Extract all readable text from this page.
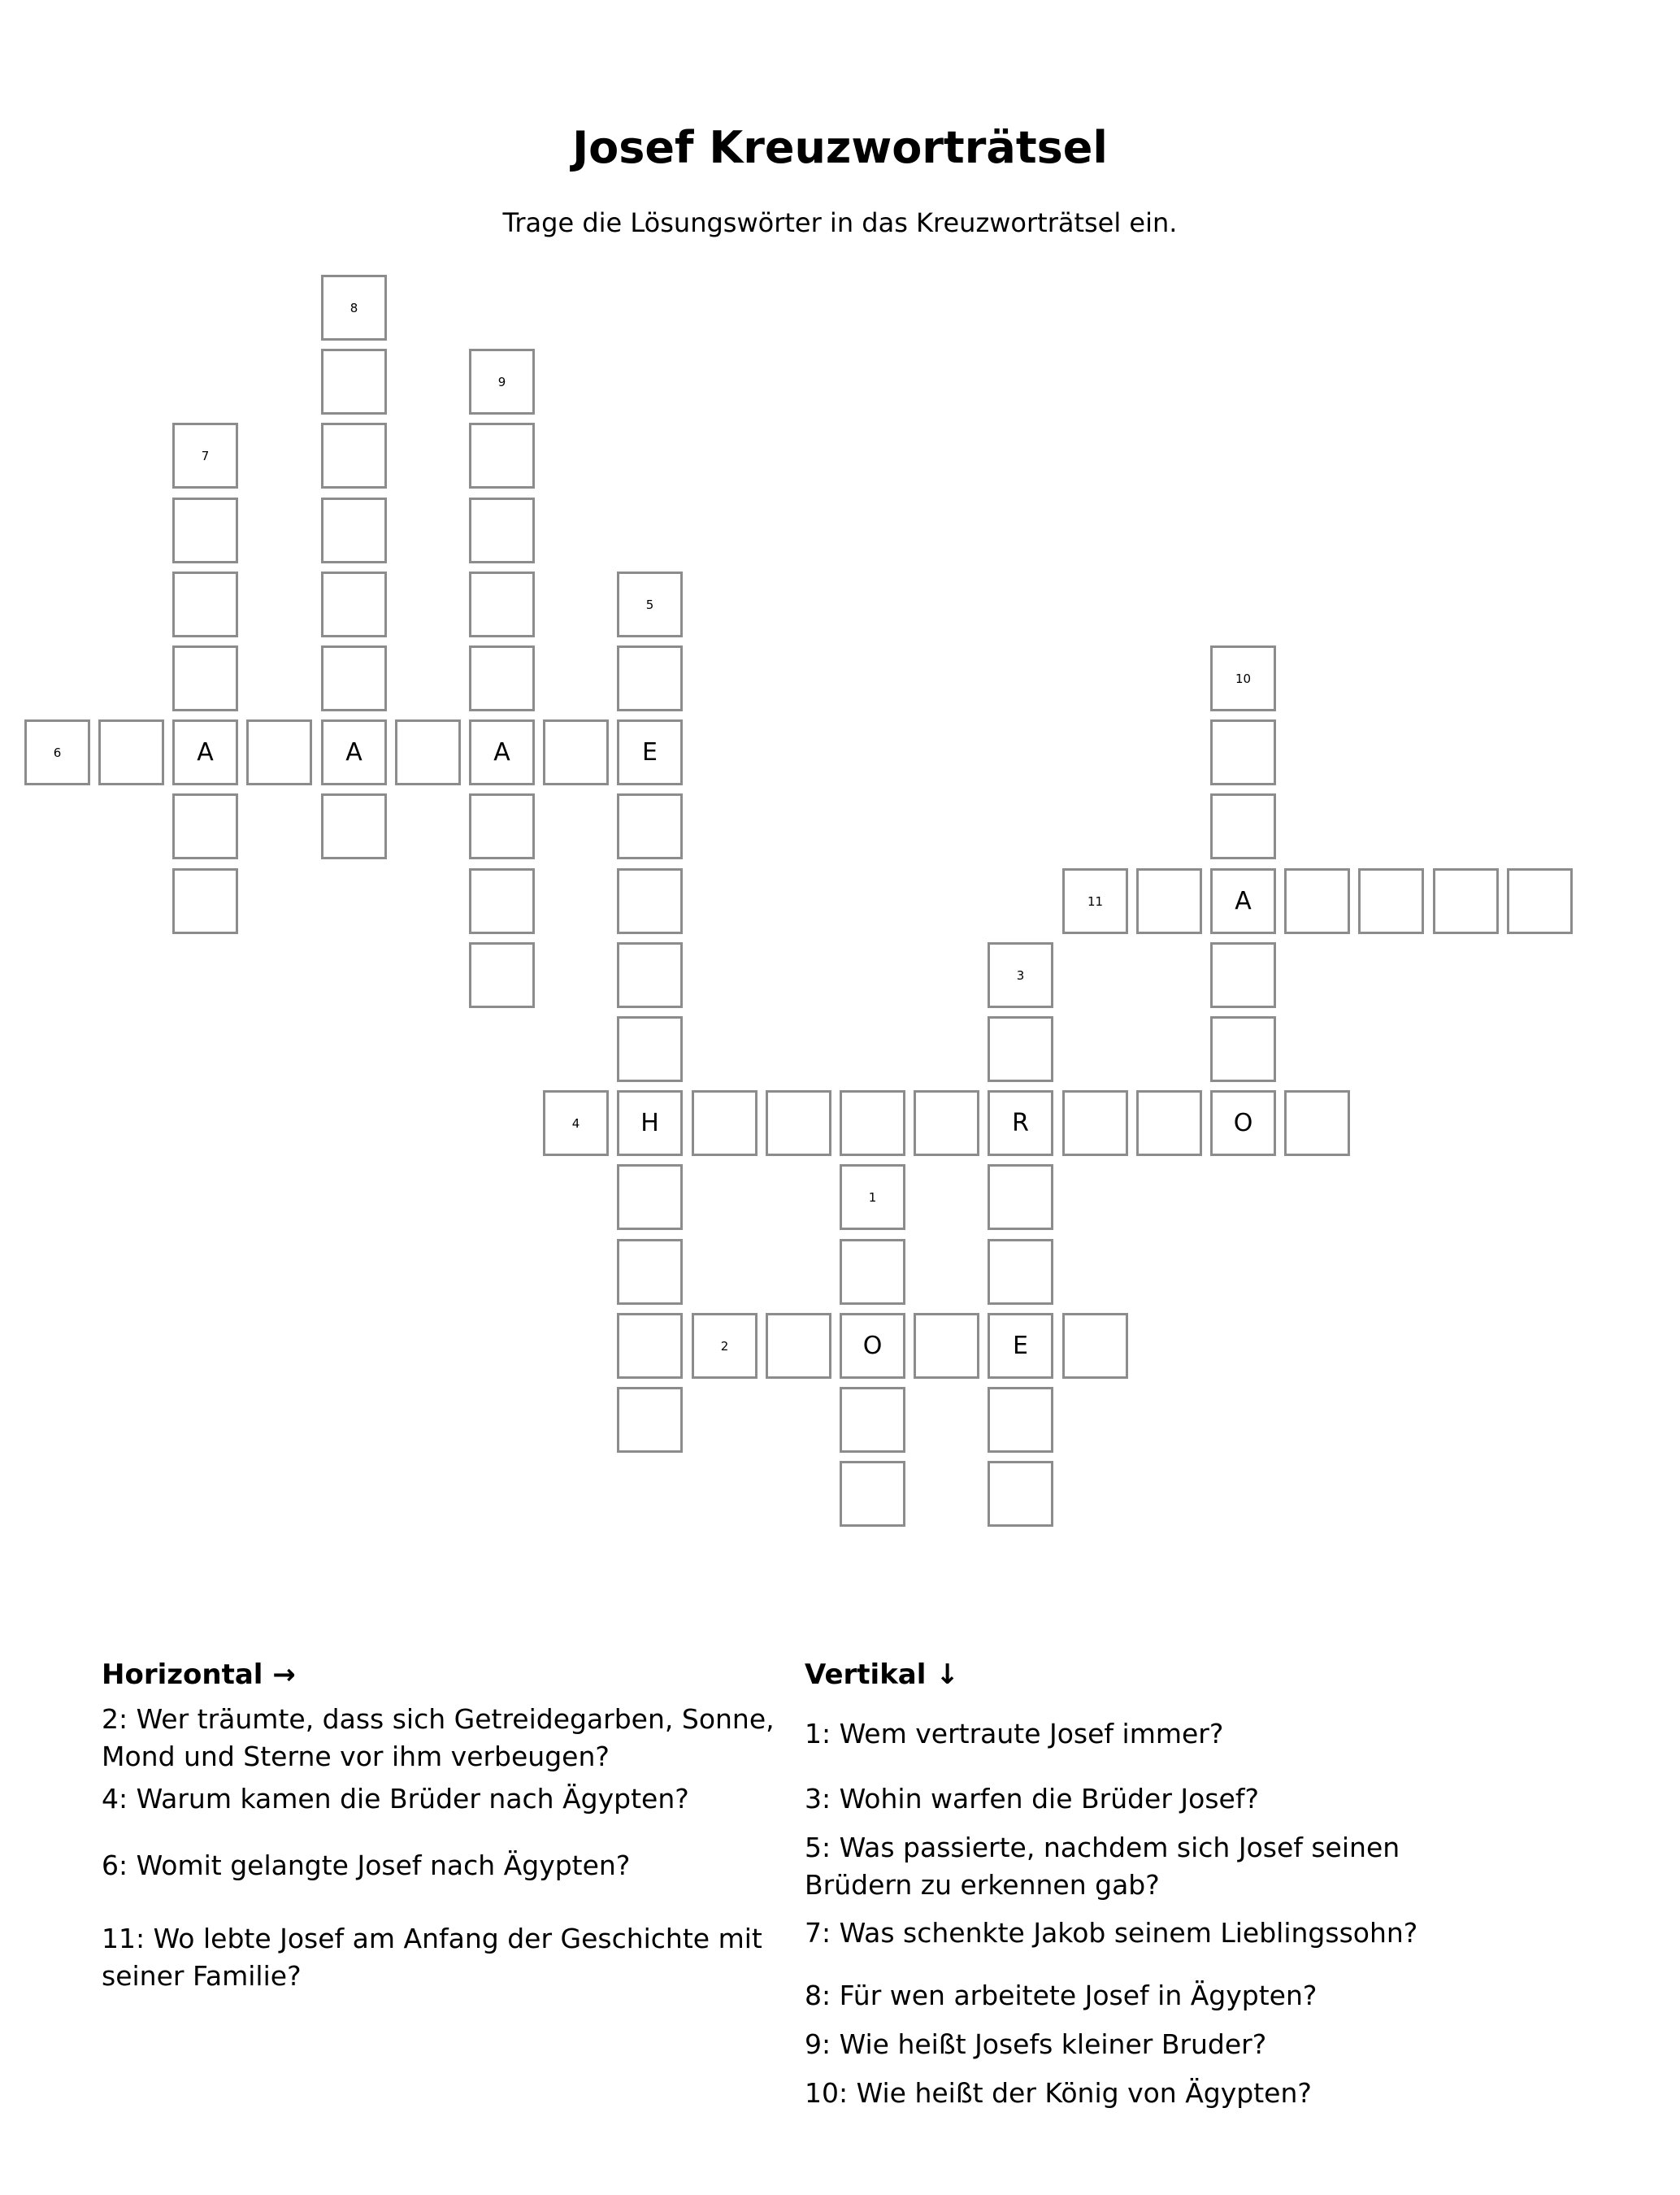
Josef Kreuzworträtsel

Trage die Lösungswörter in das Kreuzworträtsel ein.

O	E
R
H	O
E
A	A	A
A
1
2
3
4
5
6
7
8
9
10
11

Horizontal →

2: Wer träumte, dass sich Getreidegarben, Sonne, Mond und Sterne vor ihm verbeugen?

4: Warum kamen die Brüder nach Ägypten?

6: Womit gelangte Josef nach Ägypten?

11: Wo lebte Josef am Anfang der Geschichte mit seiner Familie?

Vertikal ↓

1: Wem vertraute Josef immer?

3: Wohin warfen die Brüder Josef?

5: Was passierte, nachdem sich Josef seinen Brüdern zu erkennen gab?

7: Was schenkte Jakob seinem Lieblingssohn?

8: Für wen arbeitete Josef in Ägypten?

9: Wie heißt Josefs kleiner Bruder?

10: Wie heißt der König von Ägypten?
